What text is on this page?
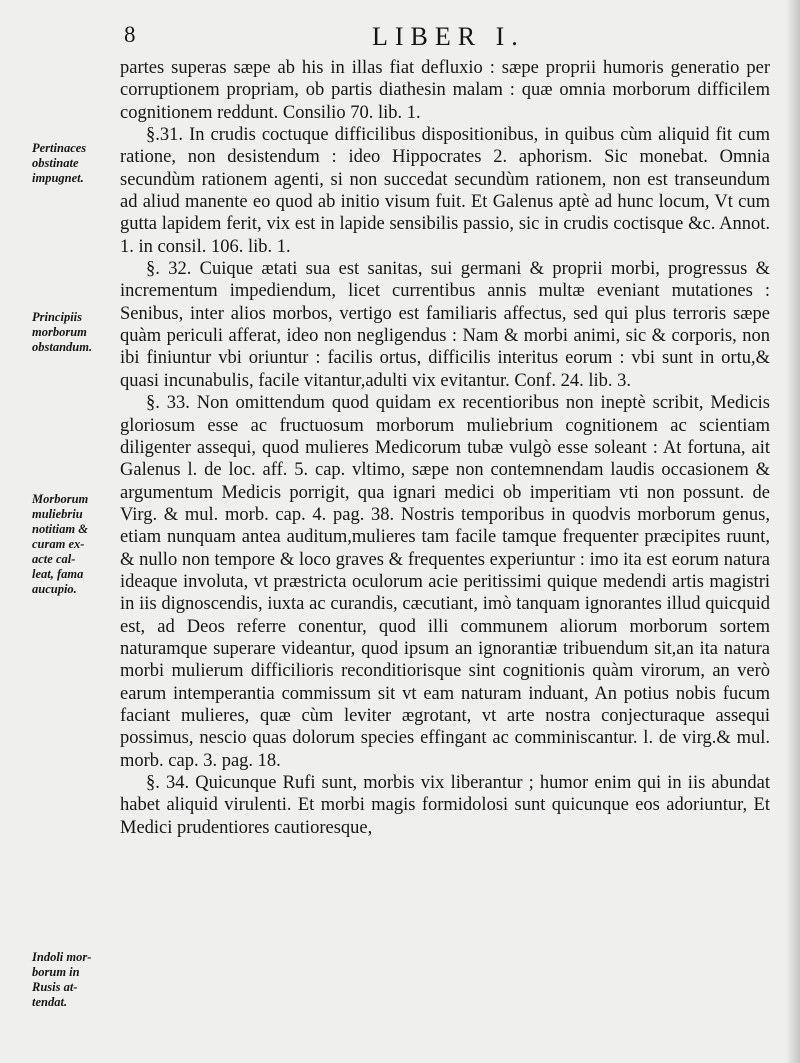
8	LIBER I.
Pertinaces
obstinate
impugnet.
Principiis
morborum
obstandum.
Morborum
muliebriu
notitiam &
curam ex-
acte cal-
leat, fama
aucupio.
Indoli mor-
borum in
Rusis at-
tendat.

partes superas sæpe ab his in illas fiat defluxio : sæpe proprii humoris generatio per corruptionem propriam, ob partis diathesin malam : quæ omnia morborum difficilem cognitionem reddunt. Consilio 70. lib. 1.

§.31. In crudis coctuque difficilibus dispositionibus, in quibus cùm aliquid fit cum ratione, non desistendum : ideo Hippocrates 2. aphorism. Sic monebat. Omnia secundùm rationem agenti, si non succedat secundùm rationem, non est transeundum ad aliud manente eo quod ab initio visum fuit. Et Galenus aptè ad hunc locum, Vt cum gutta lapidem ferit, vix est in lapide sensibilis passio, sic in crudis coctisque &c. Annot. 1. in consil. 106. lib. 1.

§. 32. Cuique ætati sua est sanitas, sui germani & proprii morbi, progressus & incrementum impediendum, licet currentibus annis multæ eveniant mutationes : Senibus, inter alios morbos, vertigo est familiaris affectus, sed qui plus terroris sæpe quàm periculi afferat, ideo non negligendus : Nam & morbi animi, sic & corporis, non ibi finiuntur vbi oriuntur : facilis ortus, difficilis interitus eorum : vbi sunt in ortu,& quasi incunabulis, facile vitantur,adulti vix evitantur. Conf. 24. lib. 3.

§. 33. Non omittendum quod quidam ex recentioribus non ineptè scribit, Medicis gloriosum esse ac fructuosum morborum muliebrium cognitionem ac scientiam diligenter assequi, quod mulieres Medicorum tubæ vulgò esse soleant : At fortuna, ait Galenus l. de loc. aff. 5. cap. vltimo, sæpe non contemnendam laudis occasionem & argumentum Medicis porrigit, qua ignari medici ob imperitiam vti non possunt. de Virg. & mul. morb. cap. 4. pag. 38. Nostris temporibus in quodvis morborum genus, etiam nunquam antea auditum,mulieres tam facile tamque frequenter præcipites ruunt, & nullo non tempore & loco graves & frequentes experiuntur : imo ita est eorum natura ideaque involuta, vt præstricta oculorum acie peritissimi quique medendi artis magistri in iis dignoscendis, iuxta ac curandis, cæcutiant, imò tanquam ignorantes illud quicquid est, ad Deos referre conentur, quod illi communem aliorum morborum sortem naturamque superare videantur, quod ipsum an ignorantiæ tribuendum sit,an ita natura morbi mulierum difficilioris reconditiorisque sint cognitionis quàm virorum, an verò earum intemperantia commissum sit vt eam naturam induant, An potius nobis fucum faciant mulieres, quæ cùm leviter ægrotant, vt arte nostra conjecturaque assequi possimus, nescio quas dolorum species effingant ac comminiscantur. l. de virg.& mul. morb. cap. 3. pag. 18.

§. 34. Quicunque Rufi sunt, morbis vix liberantur ; humor enim qui in iis abundat habet aliquid virulenti. Et morbi magis formidolosi sunt quicunque eos adoriuntur, Et Medici prudentiores cautioresque,
